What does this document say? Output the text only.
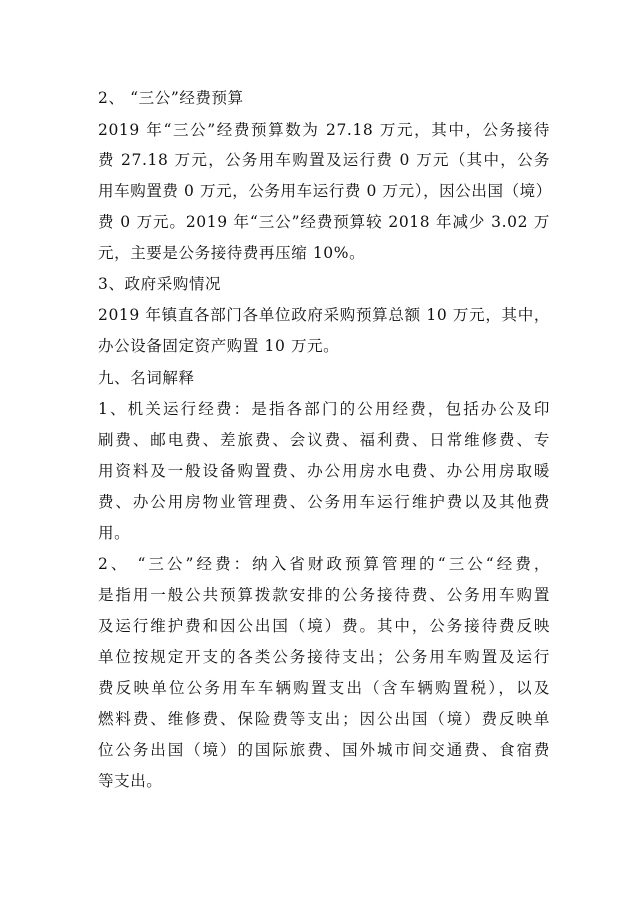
2、 “三公”经费预算
2019 年“三公”经费预算数为 27.18 万元，其中，公务接待
费 27.18 万元，公务用车购置及运行费 0 万元（其中，公务
用车购置费 0 万元，公务用车运行费 0 万元），因公出国（境）
费 0 万元。2019 年“三公”经费预算较 2018 年减少 3.02 万
元，主要是公务接待费再压缩 10%。
3、政府采购情况
2019 年镇直各部门各单位政府采购预算总额 10 万元，其中，
办公设备固定资产购置 10 万元。
九、名词解释
1、机关运行经费：是指各部门的公用经费，包括办公及印
刷费、邮电费、差旅费、会议费、福利费、日常维修费、专
用资料及一般设备购置费、办公用房水电费、办公用房取暖
费、办公用房物业管理费、公务用车运行维护费以及其他费
用。
2、 “三公”经费：纳入省财政预算管理的“三公“经费，
是指用一般公共预算拨款安排的公务接待费、公务用车购置
及运行维护费和因公出国（境）费。其中，公务接待费反映
单位按规定开支的各类公务接待支出；公务用车购置及运行
费反映单位公务用车车辆购置支出（含车辆购置税），以及
燃料费、维修费、保险费等支出；因公出国（境）费反映单
位公务出国（境）的国际旅费、国外城市间交通费、食宿费
等支出。
